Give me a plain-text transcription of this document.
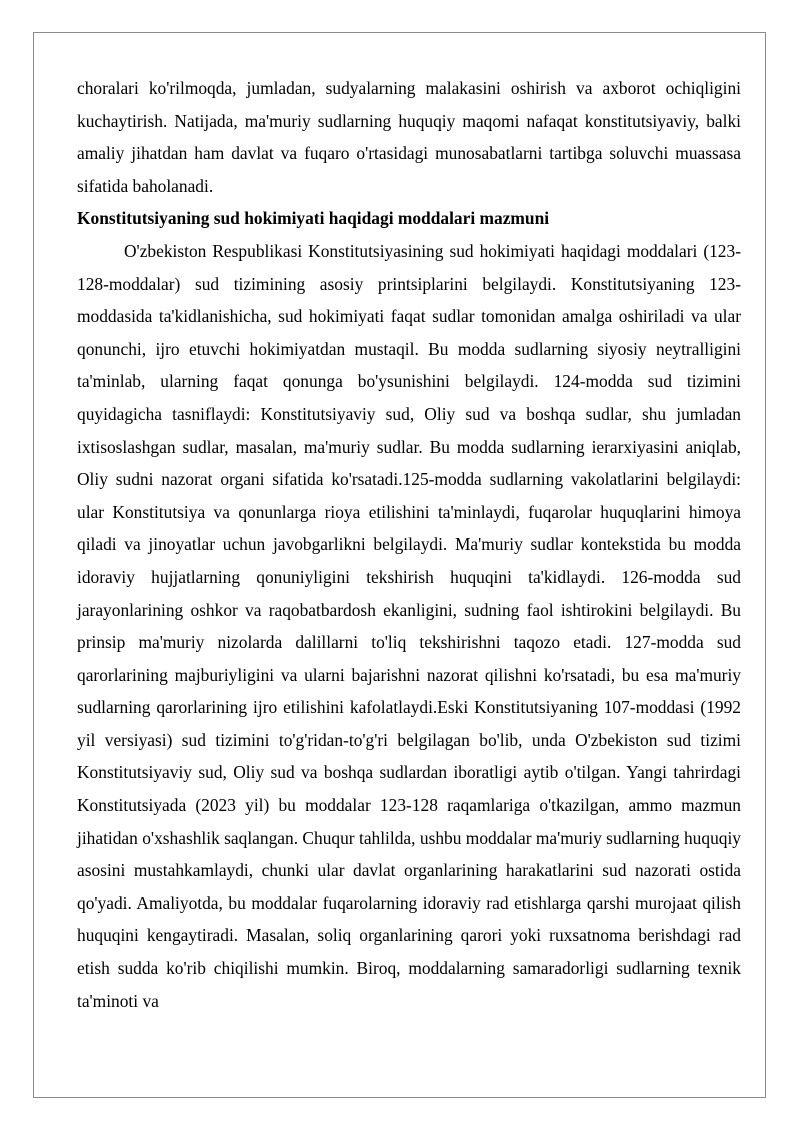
choralari ko'rilmoqda, jumladan, sudyalarning malakasini oshirish va axborot ochiqligini kuchaytirish. Natijada, ma'muriy sudlarning huquqiy maqomi nafaqat konstitutsiyaviy, balki amaliy jihatdan ham davlat va fuqaro o'rtasidagi munosabatlarni tartibga soluvchi muassasa sifatida baholanadi.

Konstitutsiyaning sud hokimiyati haqidagi moddalari mazmuni

O'zbekiston Respublikasi Konstitutsiyasining sud hokimiyati haqidagi moddalari (123-128-moddalar) sud tizimining asosiy printsiplarini belgilaydi. Konstitutsiyaning 123-moddasida ta'kidlanishicha, sud hokimiyati faqat sudlar tomonidan amalga oshiriladi va ular qonunchi, ijro etuvchi hokimiyatdan mustaqil. Bu modda sudlarning siyosiy neytralligini ta'minlab, ularning faqat qonunga bo'ysunishini belgilaydi. 124-modda sud tizimini quyidagicha tasniflaydi: Konstitutsiyaviy sud, Oliy sud va boshqa sudlar, shu jumladan ixtisoslashgan sudlar, masalan, ma'muriy sudlar. Bu modda sudlarning ierarxiyasini aniqlab, Oliy sudni nazorat organi sifatida ko'rsatadi.125-modda sudlarning vakolatlarini belgilaydi: ular Konstitutsiya va qonunlarga rioya etilishini ta'minlaydi, fuqarolar huquqlarini himoya qiladi va jinoyatlar uchun javobgarlikni belgilaydi. Ma'muriy sudlar kontekstida bu modda idoraviy hujjatlarning qonuniyligini tekshirish huquqini ta'kidlaydi. 126-modda sud jarayonlarining oshkor va raqobatbardosh ekanligini, sudning faol ishtirokini belgilaydi. Bu prinsip ma'muriy nizolarda dalillarni to'liq tekshirishni taqozo etadi. 127-modda sud qarorlarining majburiyligini va ularni bajarishni nazorat qilishni ko'rsatadi, bu esa ma'muriy sudlarning qarorlarining ijro etilishini kafolatlaydi.Eski Konstitutsiyaning 107-moddasi (1992 yil versiyasi) sud tizimini to'g'ridan-to'g'ri belgilagan bo'lib, unda O'zbekiston sud tizimi Konstitutsiyaviy sud, Oliy sud va boshqa sudlardan iboratligi aytib o'tilgan. Yangi tahrirdagi Konstitutsiyada (2023 yil) bu moddalar 123-128 raqamlariga o'tkazilgan, ammo mazmun jihatidan o'xshashlik saqlangan. Chuqur tahlilda, ushbu moddalar ma'muriy sudlarning huquqiy asosini mustahkamlaydi, chunki ular davlat organlarining harakatlarini sud nazorati ostida qo'yadi. Amaliyotda, bu moddalar fuqarolarning idoraviy rad etishlarga qarshi murojaat qilish huquqini kengaytiradi. Masalan, soliq organlarining qarori yoki ruxsatnoma berishdagi rad etish sudda ko'rib chiqilishi mumkin. Biroq, moddalarning samaradorligi sudlarning texnik ta'minoti va
